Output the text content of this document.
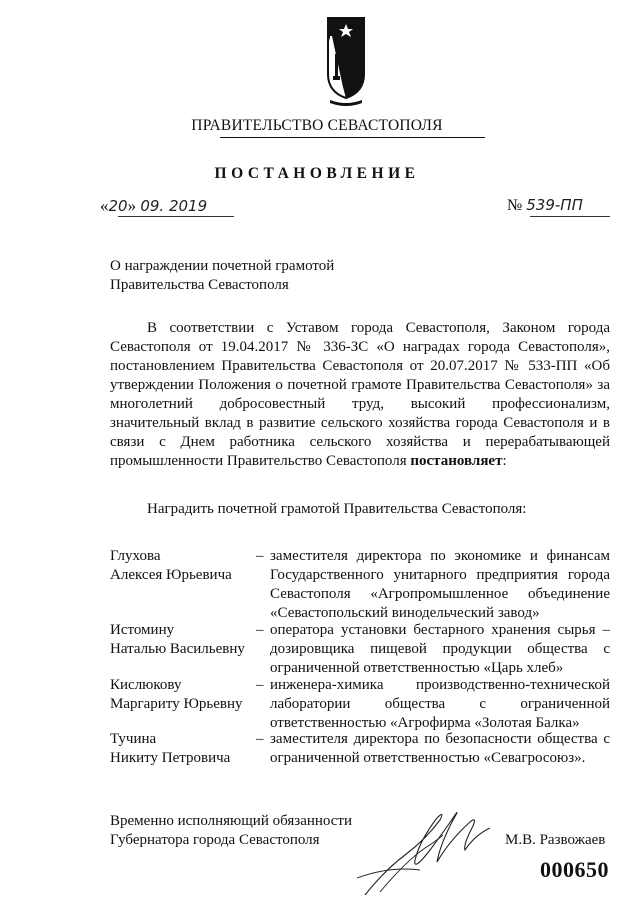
ПРАВИТЕЛЬСТВО СЕВАСТОПОЛЯ
ПОСТАНОВЛЕНИЕ
«20» 09. 2019	№ 539-ПП
О награждении почетной грамотой
Правительства Севастополя

В соответствии с Уставом города Севастополя, Законом города Севастополя от 19.04.2017 № 336-ЗС «О наградах города Севастополя», постановлением Правительства Севастополя от 20.07.2017 № 533-ПП «Об утверждении Положения о почетной грамоте Правительства Севастополя» за многолетний добросовестный труд, высокий профессионализм, значительный вклад в развитие сельского хозяйства города Севастополя и в связи с Днем работника сельского хозяйства и перерабатывающей промышленности Правительство Севастополя постановляет:

Наградить почетной грамотой Правительства Севастополя:
Глухова
Алексея Юрьевича
– заместителя директора по экономике и финансам Государственного унитарного предприятия города Севастополя «Агропромышленное объединение «Севастопольский винодельческий завод»
Истомину
Наталью Васильевну
– оператора установки бестарного хранения сырья – дозировщика пищевой продукции общества с ограниченной ответственностью «Царь хлеб»
Кислюкову
Маргариту Юрьевну
– инженера-химика производственно-технической лаборатории общества с ограниченной ответственностью «Агрофирма «Золотая Балка»
Тучина
Никиту Петровича
– заместителя директора по безопасности общества с ограниченной ответственностью «Севагросоюз».
Временно исполняющий обязанности
Губернатора города Севастополя	М.В. Развожаев
000650
